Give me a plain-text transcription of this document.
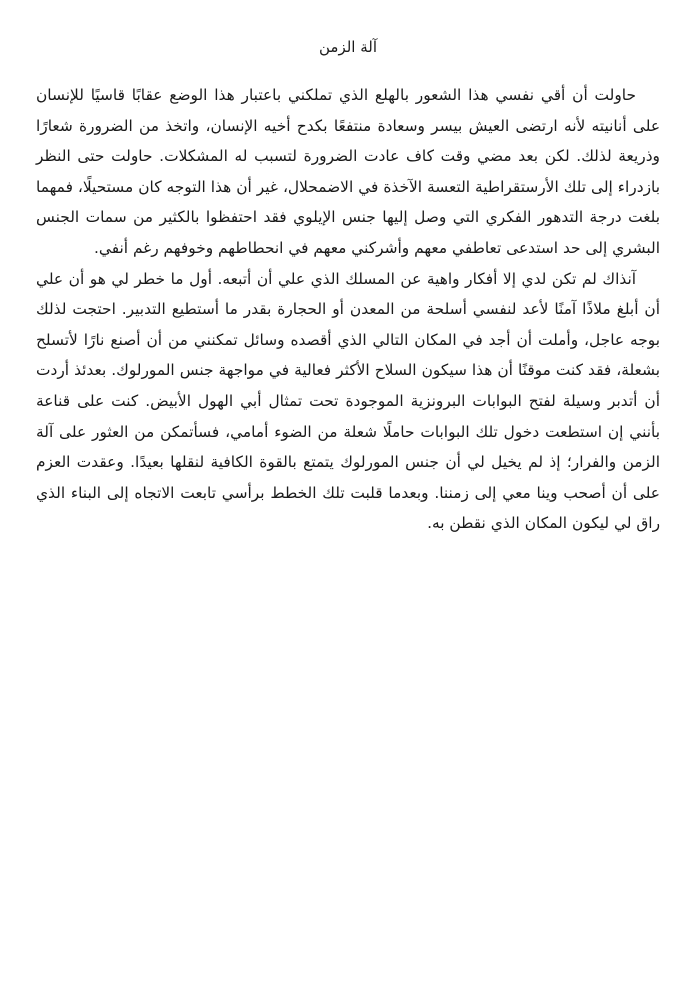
آلة الزمن

حاولت أن أقي نفسي هذا الشعور بالهلع الذي تملكني باعتبار هذا الوضع عقابًا قاسيًا للإنسان على أنانيته لأنه ارتضى العيش بيسر وسعادة منتفعًا بكدح أخيه الإنسان، واتخذ من الضرورة شعارًا وذريعة لذلك. لكن بعد مضي وقت كاف عادت الضرورة لتسبب له المشكلات. حاولت حتى النظر بازدراء إلى تلك الأرستقراطية التعسة الآخذة في الاضمحلال، غير أن هذا التوجه كان مستحيلًا، فمهما بلغت درجة التدهور الفكري التي وصل إليها جنس الإيلوي فقد احتفظوا بالكثير من سمات الجنس البشري إلى حد استدعى تعاطفي معهم وأشركني معهم في انحطاطهم وخوفهم رغم أنفي.

آنذاك لم تكن لدي إلا أفكار واهية عن المسلك الذي علي أن أتبعه. أول ما خطر لي هو أن علي أن أبلغ ملاذًا آمنًا لأعد لنفسي أسلحة من المعدن أو الحجارة بقدر ما أستطيع التدبير. احتجت لذلك بوجه عاجل، وأملت أن أجد في المكان التالي الذي أقصده وسائل تمكنني من أن أصنع نارًا لأتسلح بشعلة، فقد كنت موقنًا أن هذا سيكون السلاح الأكثر فعالية في مواجهة جنس المورلوك. بعدئذ أردت أن أتدبر وسيلة لفتح البوابات البرونزية الموجودة تحت تمثال أبي الهول الأبيض. كنت على قناعة بأنني إن استطعت دخول تلك البوابات حاملًا شعلة من الضوء أمامي، فسأتمكن من العثور على آلة الزمن والفرار؛ إذ لم يخيل لي أن جنس المورلوك يتمتع بالقوة الكافية لنقلها بعيدًا. وعقدت العزم على أن أصحب وينا معي إلى زمننا. وبعدما قلبت تلك الخطط برأسي تابعت الاتجاه إلى البناء الذي راق لي ليكون المكان الذي نقطن به.
